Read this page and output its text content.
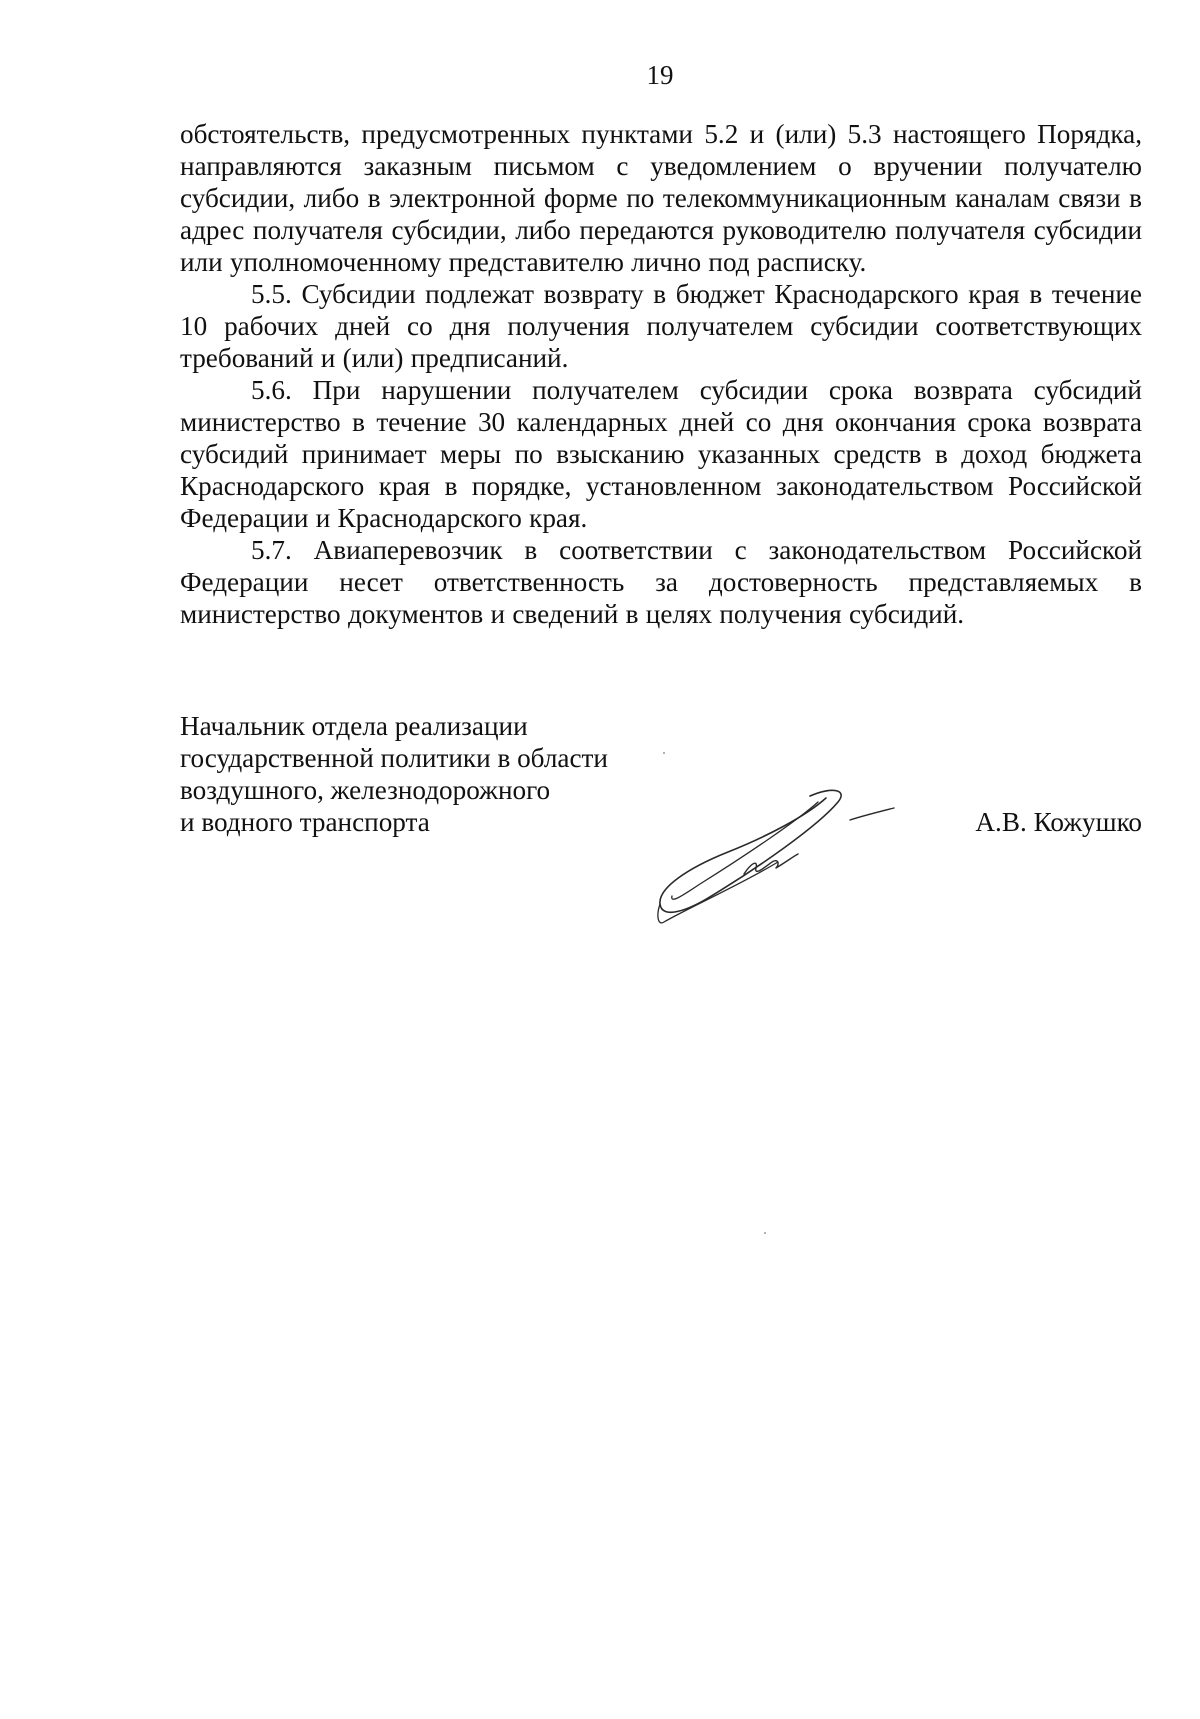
19

обстоятельств, предусмотренных пунктами 5.2 и (или) 5.3 настоящего Порядка, направляются заказным письмом с уведомлением о вручении получателю субсидии, либо в электронной форме по телекоммуникационным каналам связи в адрес получателя субсидии, либо передаются руководителю получателя субсидии или уполномоченному представителю лично под расписку.

5.5. Субсидии подлежат возврату в бюджет Краснодарского края в течение 10 рабочих дней со дня получения получателем субсидии соответствующих требований и (или) предписаний.

5.6. При нарушении получателем субсидии срока возврата субсидий министерство в течение 30 календарных дней со дня окончания срока возврата субсидий принимает меры по взысканию указанных средств в доход бюджета Краснодарского края в порядке, установленном законодательством Российской Федерации и Краснодарского края.

5.7. Авиаперевозчик в соответствии с законодательством Российской Федерации несет ответственность за достоверность представляемых в министерство документов и сведений в целях получения субсидий.

Начальник отдела реализации
государственной политики в области
воздушного, железнодорожного
и водного транспорта	А.В. Кожушко
